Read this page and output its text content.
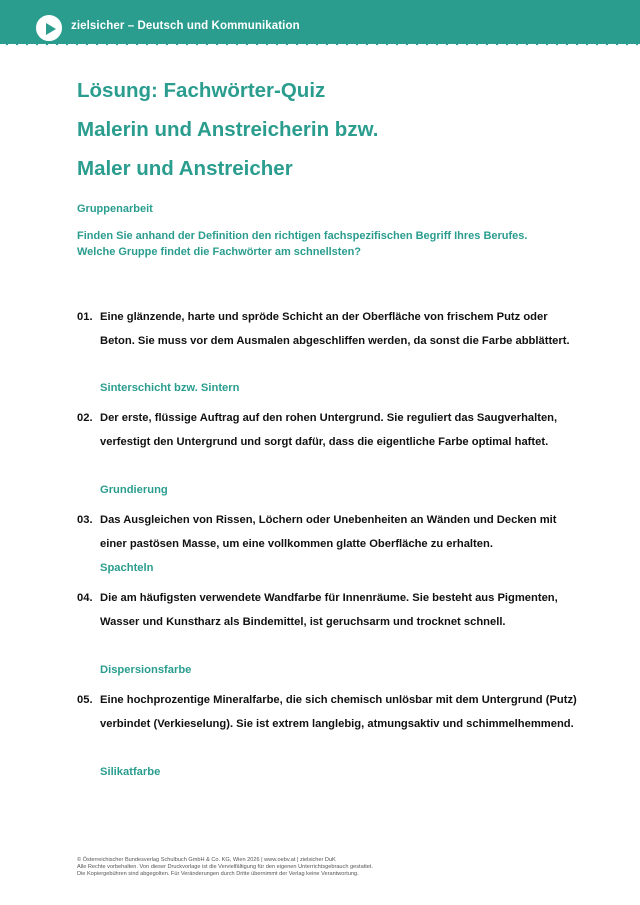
zielsicher – Deutsch und Kommunikation
Lösung: Fachwörter-Quiz
Malerin und Anstreicherin bzw.
Maler und Anstreicher
Gruppenarbeit
Finden Sie anhand der Definition den richtigen fachspezifischen Begriff Ihres Berufes.
Welche Gruppe findet die Fachwörter am schnellsten?
01. Eine glänzende, harte und spröde Schicht an der Oberfläche von frischem Putz oder Beton. Sie muss vor dem Ausmalen abgeschliffen werden, da sonst die Farbe abblättert.
Sinterschicht bzw. Sintern
02. Der erste, flüssige Auftrag auf den rohen Untergrund. Sie reguliert das Saugverhalten, verfestigt den Untergrund und sorgt dafür, dass die eigentliche Farbe optimal haftet.
Grundierung
03. Das Ausgleichen von Rissen, Löchern oder Unebenheiten an Wänden und Decken mit einer pastösen Masse, um eine vollkommen glatte Oberfläche zu erhalten.
Spachteln
04. Die am häufigsten verwendete Wandfarbe für Innenräume. Sie besteht aus Pigmenten, Wasser und Kunstharz als Bindemittel, ist geruchsarm und trocknet schnell.
Dispersionsfarbe
05. Eine hochprozentige Mineralfarbe, die sich chemisch unlösbar mit dem Untergrund (Putz) verbindet (Verkieselung). Sie ist extrem langlebig, atmungsaktiv und schimmelhemmend.
Silikatfarbe
© Österreichischer Bundesverlag Schulbuch GmbH & Co. KG, Wien 2026 | www.oebv.at | zielsicher DuK
Alle Rechte vorbehalten. Von dieser Druckvorlage ist die Vervielfältigung für den eigenen Unterrichtsgebrauch gestattet.
Die Kopiergebühren sind abgegolten. Für Veränderungen durch Dritte übernimmt der Verlag keine Verantwortung.
